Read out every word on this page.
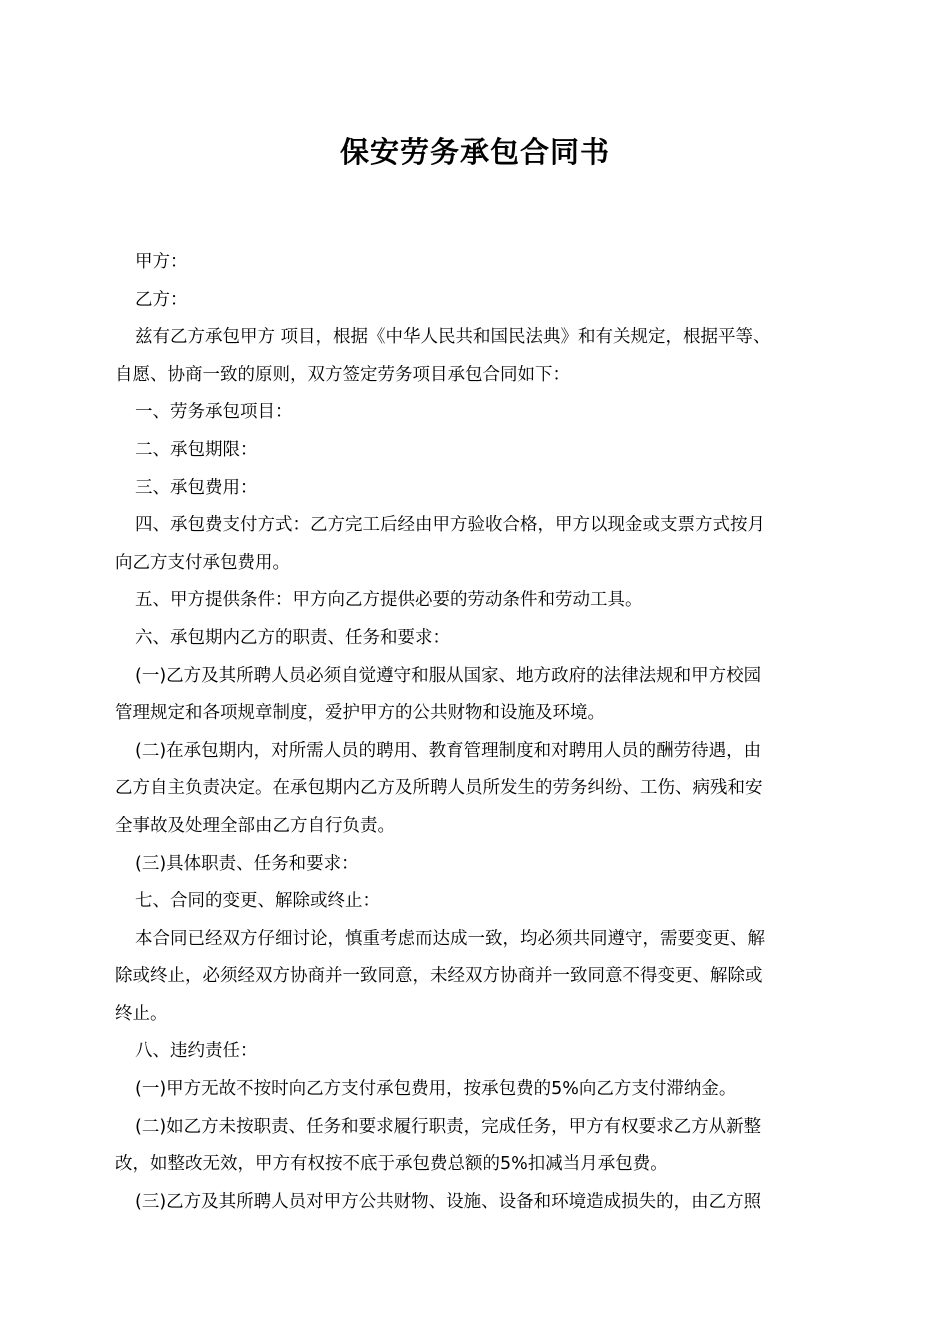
保安劳务承包合同书
甲方：
乙方：
兹有乙方承包甲方 项目，根据《中华人民共和国民法典》和有关规定，根据平等、
自愿、协商一致的原则，双方签定劳务项目承包合同如下：
一、劳务承包项目：
二、承包期限：
三、承包费用：
四、承包费支付方式：乙方完工后经由甲方验收合格，甲方以现金或支票方式按月
向乙方支付承包费用。
五、甲方提供条件：甲方向乙方提供必要的劳动条件和劳动工具。
六、承包期内乙方的职责、任务和要求：
(一)乙方及其所聘人员必须自觉遵守和服从国家、地方政府的法律法规和甲方校园
管理规定和各项规章制度，爱护甲方的公共财物和设施及环境。
(二)在承包期内，对所需人员的聘用、教育管理制度和对聘用人员的酬劳待遇，由
乙方自主负责决定。在承包期内乙方及所聘人员所发生的劳务纠纷、工伤、病残和安
全事故及处理全部由乙方自行负责。
(三)具体职责、任务和要求：
七、合同的变更、解除或终止：
本合同已经双方仔细讨论，慎重考虑而达成一致，均必须共同遵守，需要变更、解
除或终止，必须经双方协商并一致同意，未经双方协商并一致同意不得变更、解除或
终止。
八、违约责任：
(一)甲方无故不按时向乙方支付承包费用，按承包费的5%向乙方支付滞纳金。
(二)如乙方未按职责、任务和要求履行职责，完成任务，甲方有权要求乙方从新整
改，如整改无效，甲方有权按不底于承包费总额的5%扣减当月承包费。
(三)乙方及其所聘人员对甲方公共财物、设施、设备和环境造成损失的，由乙方照
